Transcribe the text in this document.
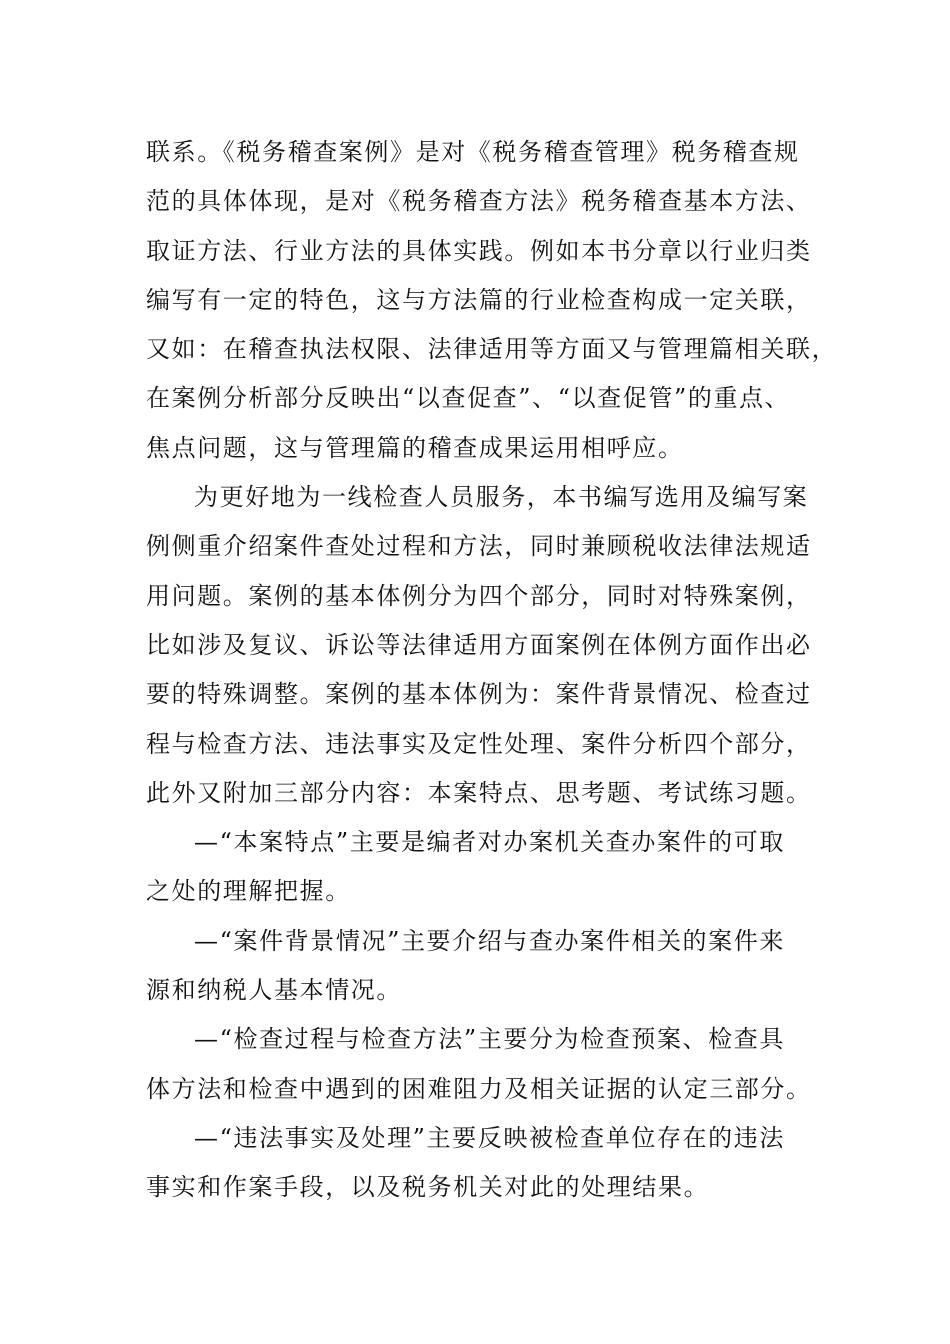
联系。《税务稽查案例》是对《税务稽查管理》税务稽查规
范的具体体现，是对《税务稽查方法》税务稽查基本方法、
取证方法、行业方法的具体实践。例如本书分章以行业归类
编写有一定的特色，这与方法篇的行业检查构成一定关联，
又如：在稽查执法权限、法律适用等方面又与管理篇相关联，
在案例分析部分反映出“以查促查”、“以查促管”的重点、
焦点问题，这与管理篇的稽查成果运用相呼应。
为更好地为一线检查人员服务，本书编写选用及编写案
例侧重介绍案件查处过程和方法，同时兼顾税收法律法规适
用问题。案例的基本体例分为四个部分，同时对特殊案例，
比如涉及复议、诉讼等法律适用方面案例在体例方面作出必
要的特殊调整。案例的基本体例为：案件背景情况、检查过
程与检查方法、违法事实及定性处理、案件分析四个部分，
此外又附加三部分内容：本案特点、思考题、考试练习题。
—“本案特点”主要是编者对办案机关查办案件的可取
之处的理解把握。
—“案件背景情况”主要介绍与查办案件相关的案件来
源和纳税人基本情况。
—“检查过程与检查方法”主要分为检查预案、检查具
体方法和检查中遇到的困难阻力及相关证据的认定三部分。
—“违法事实及处理”主要反映被检查单位存在的违法
事实和作案手段，以及税务机关对此的处理结果。
